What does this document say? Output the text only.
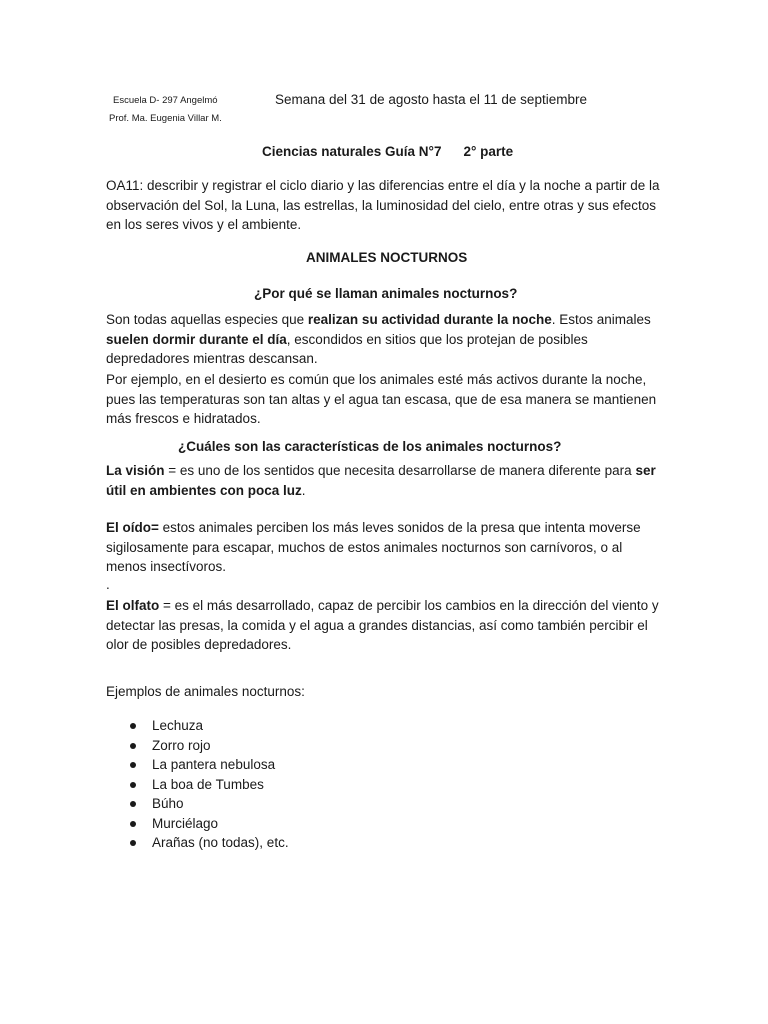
Escuela D- 297 Angelmó

Prof. Ma. Eugenia Villar M.

Semana del 31 de agosto hasta el 11 de septiembre

Ciencias naturales Guía N°7 2° parte

OA11: describir y registrar el ciclo diario y las diferencias entre el día y la noche a partir de la observación del Sol, la Luna, las estrellas, la luminosidad del cielo, entre otras y sus efectos en los seres vivos y el ambiente.

ANIMALES NOCTURNOS

¿Por qué se llaman animales nocturnos?

Son todas aquellas especies que realizan su actividad durante la noche. Estos animales suelen dormir durante el día, escondidos en sitios que los protejan de posibles depredadores mientras descansan.

Por ejemplo, en el desierto es común que los animales esté más activos durante la noche, pues las temperaturas son tan altas y el agua tan escasa, que de esa manera se mantienen más frescos e hidratados.

¿Cuáles son las características de los animales nocturnos?

La visión = es uno de los sentidos que necesita desarrollarse de manera diferente para ser útil en ambientes con poca luz.

El oído= estos animales perciben los más leves sonidos de la presa que intenta moverse sigilosamente para escapar, muchos de estos animales nocturnos son carnívoros, o al menos insectívoros.

.

El olfato = es el más desarrollado, capaz de percibir los cambios en la dirección del viento y detectar las presas, la comida y el agua a grandes distancias, así como también percibir el olor de posibles depredadores.

Ejemplos de animales nocturnos:

Lechuza
Zorro rojo
La pantera nebulosa
La boa de Tumbes
Búho
Murciélago
Arañas (no todas), etc.
